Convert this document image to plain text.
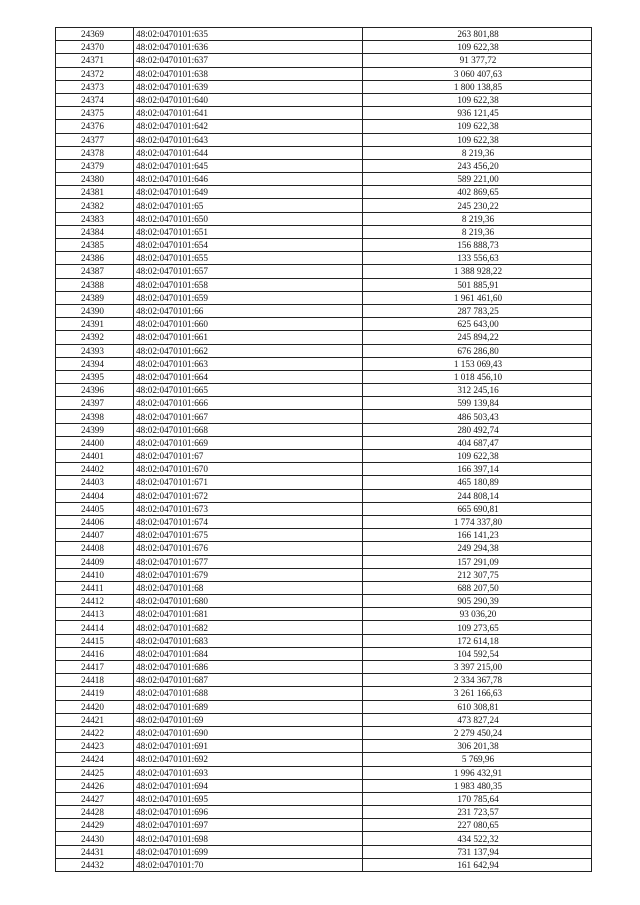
24369	48:02:0470101:635	263 801,88
24370	48:02:0470101:636	109 622,38
24371	48:02:0470101:637	91 377,72
24372	48:02:0470101:638	3 060 407,63
24373	48:02:0470101:639	1 800 138,85
24374	48:02:0470101:640	109 622,38
24375	48:02:0470101:641	936 121,45
24376	48:02:0470101:642	109 622,38
24377	48:02:0470101:643	109 622,38
24378	48:02:0470101:644	8 219,36
24379	48:02:0470101:645	243 456,20
24380	48:02:0470101:646	589 221,00
24381	48:02:0470101:649	402 869,65
24382	48:02:0470101:65	245 230,22
24383	48:02:0470101:650	8 219,36
24384	48:02:0470101:651	8 219,36
24385	48:02:0470101:654	156 888,73
24386	48:02:0470101:655	133 556,63
24387	48:02:0470101:657	1 388 928,22
24388	48:02:0470101:658	501 885,91
24389	48:02:0470101:659	1 961 461,60
24390	48:02:0470101:66	287 783,25
24391	48:02:0470101:660	625 643,00
24392	48:02:0470101:661	245 894,22
24393	48:02:0470101:662	676 286,80
24394	48:02:0470101:663	1 153 069,43
24395	48:02:0470101:664	1 018 456,10
24396	48:02:0470101:665	312 245,16
24397	48:02:0470101:666	599 139,84
24398	48:02:0470101:667	486 503,43
24399	48:02:0470101:668	280 492,74
24400	48:02:0470101:669	404 687,47
24401	48:02:0470101:67	109 622,38
24402	48:02:0470101:670	166 397,14
24403	48:02:0470101:671	465 180,89
24404	48:02:0470101:672	244 808,14
24405	48:02:0470101:673	665 690,81
24406	48:02:0470101:674	1 774 337,80
24407	48:02:0470101:675	166 141,23
24408	48:02:0470101:676	249 294,38
24409	48:02:0470101:677	157 291,09
24410	48:02:0470101:679	212 307,75
24411	48:02:0470101:68	688 207,50
24412	48:02:0470101:680	905 290,39
24413	48:02:0470101:681	93 036,20
24414	48:02:0470101:682	109 273,65
24415	48:02:0470101:683	172 614,18
24416	48:02:0470101:684	104 592,54
24417	48:02:0470101:686	3 397 215,00
24418	48:02:0470101:687	2 334 367,78
24419	48:02:0470101:688	3 261 166,63
24420	48:02:0470101:689	610 308,81
24421	48:02:0470101:69	473 827,24
24422	48:02:0470101:690	2 279 450,24
24423	48:02:0470101:691	306 201,38
24424	48:02:0470101:692	5 769,96
24425	48:02:0470101:693	1 996 432,91
24426	48:02:0470101:694	1 983 480,35
24427	48:02:0470101:695	170 785,64
24428	48:02:0470101:696	231 723,57
24429	48:02:0470101:697	227 080,65
24430	48:02:0470101:698	434 522,32
24431	48:02:0470101:699	731 137,94
24432	48:02:0470101:70	161 642,94
